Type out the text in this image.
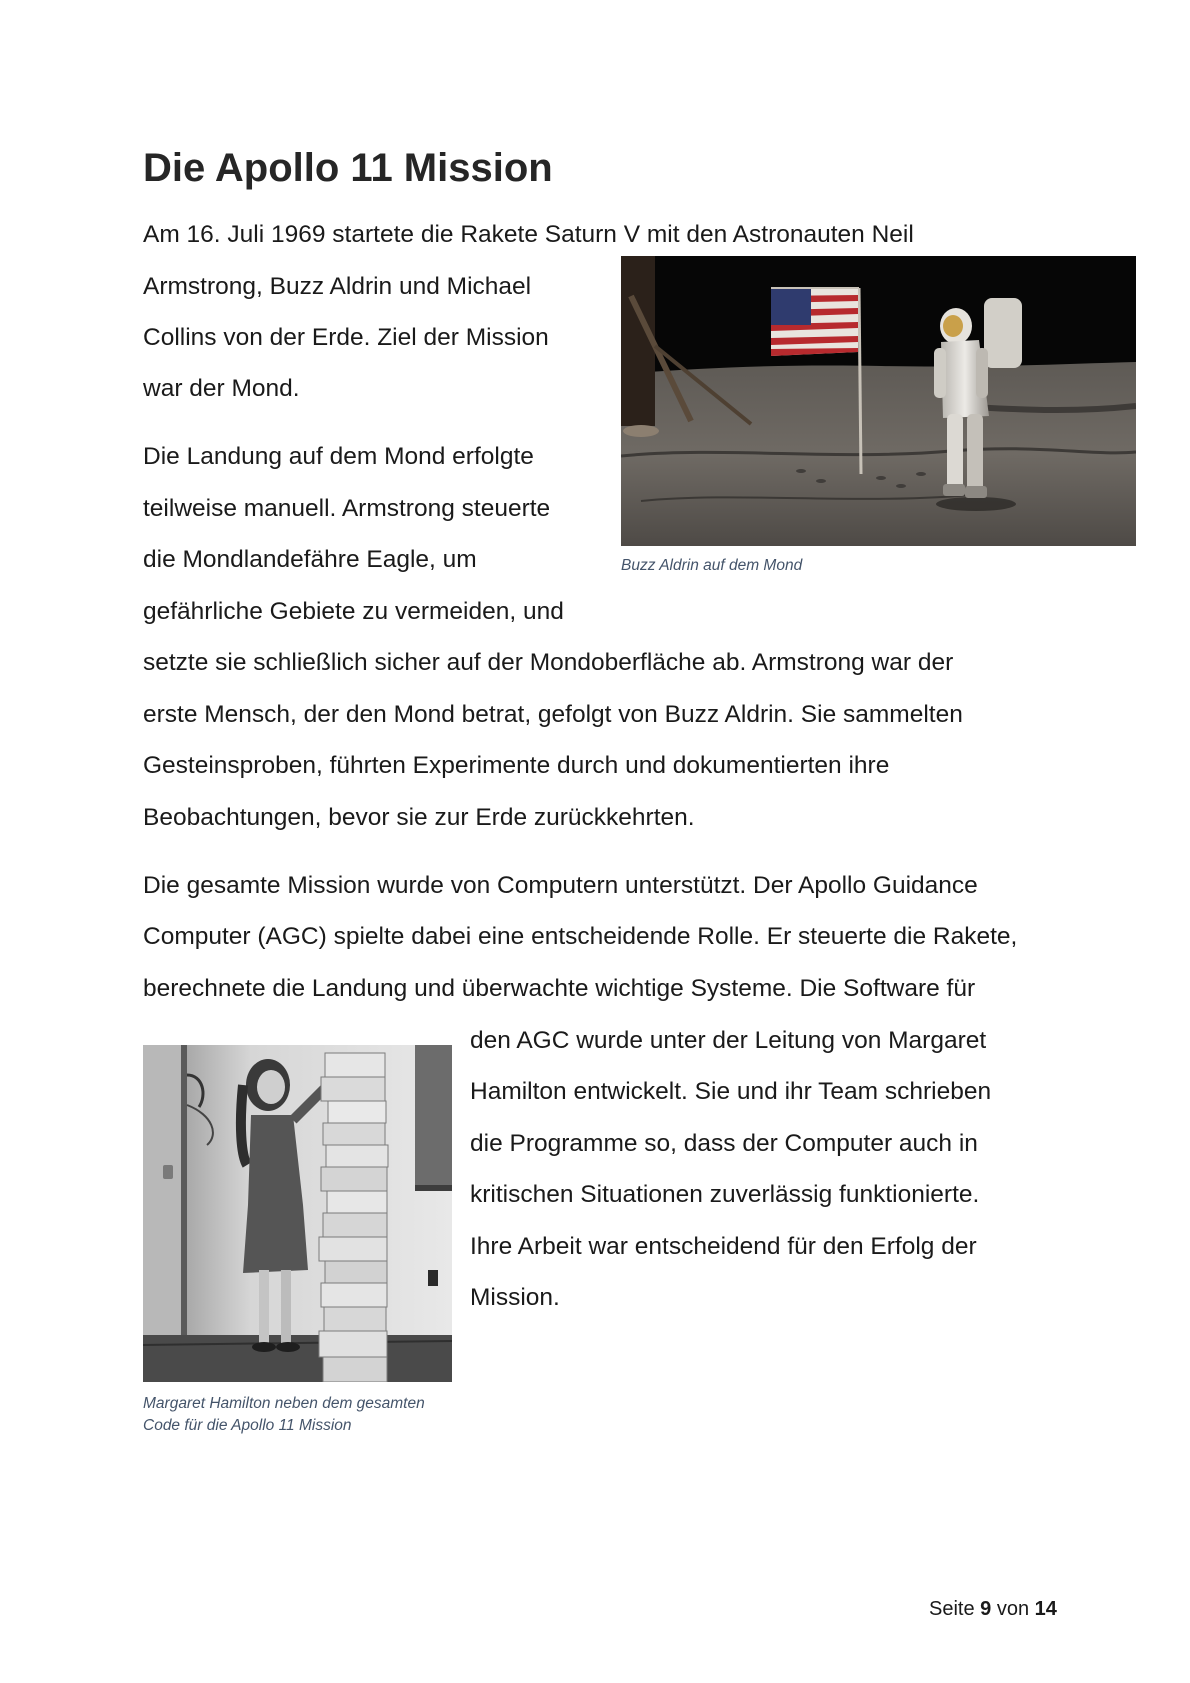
Die Apollo 11 Mission
Am 16. Juli 1969 startete die Rakete Saturn V mit den Astronauten Neil
Armstrong, Buzz Aldrin und Michael
Collins von der Erde. Ziel der Mission
war der Mond.
Die Landung auf dem Mond erfolgte
teilweise manuell. Armstrong steuerte
die Mondlandefähre Eagle, um
gefährliche Gebiete zu vermeiden, und
setzte sie schließlich sicher auf der Mondoberfläche ab. Armstrong war der
erste Mensch, der den Mond betrat, gefolgt von Buzz Aldrin. Sie sammelten
Gesteinsproben, führten Experimente durch und dokumentierten ihre
Beobachtungen, bevor sie zur Erde zurückkehrten.
Die gesamte Mission wurde von Computern unterstützt. Der Apollo Guidance
Computer (AGC) spielte dabei eine entscheidende Rolle. Er steuerte die Rakete,
berechnete die Landung und überwachte wichtige Systeme. Die Software für
den AGC wurde unter der Leitung von Margaret
Hamilton entwickelt. Sie und ihr Team schrieben
die Programme so, dass der Computer auch in
kritischen Situationen zuverlässig funktionierte.
Ihre Arbeit war entscheidend für den Erfolg der
Mission.
Buzz Aldrin auf dem Mond
Margaret Hamilton neben dem gesamten
Code für die Apollo 11 Mission
Seite 9 von 14
